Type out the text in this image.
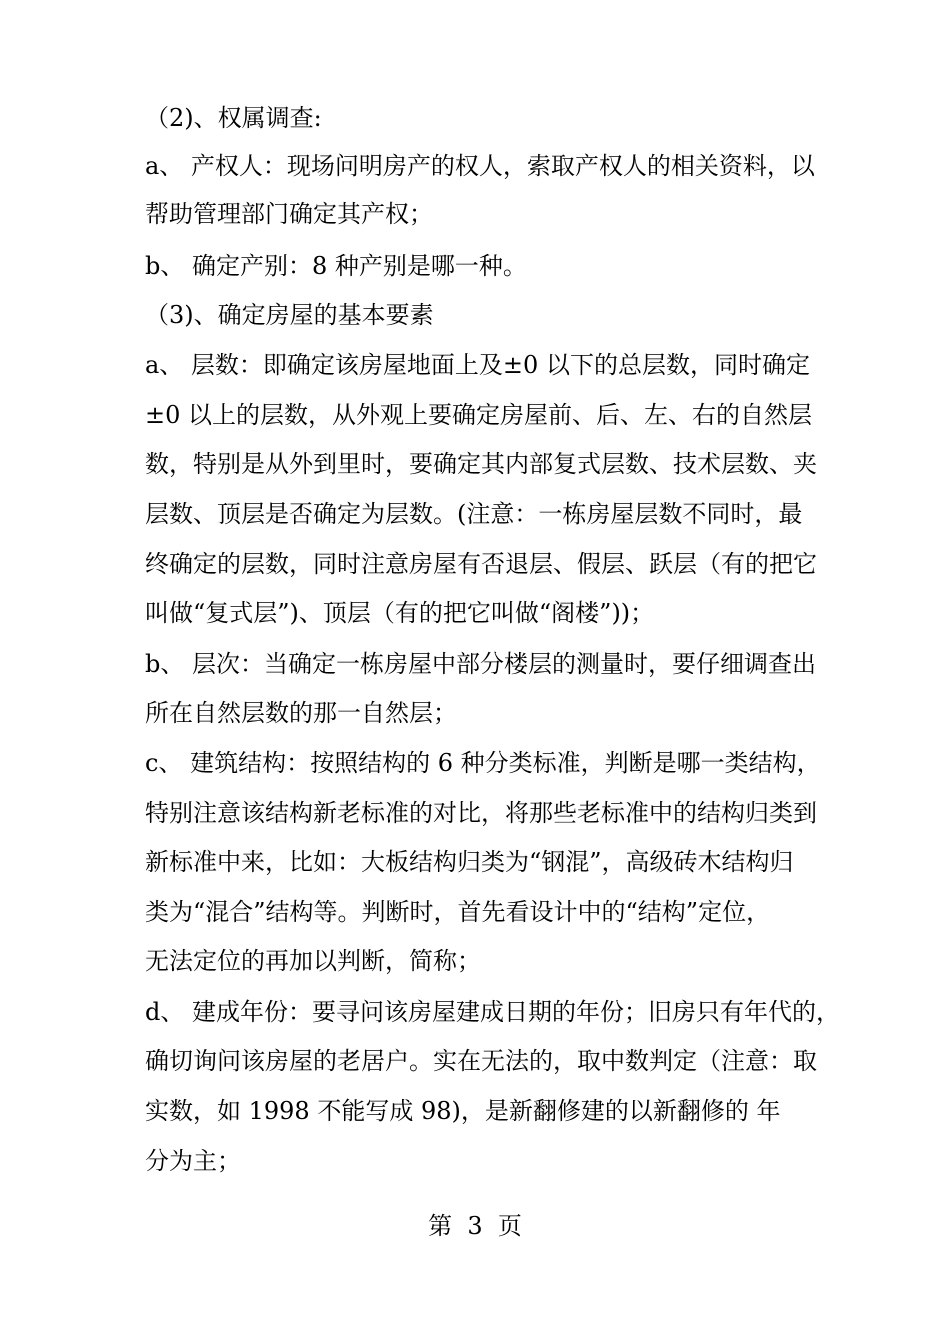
（2)、权属调查:
a、 产权人：现场问明房产的权人，索取产权人的相关资料，以
帮助管理部门确定其产权；
b、 确定产别：8 种产别是哪一种。
（3)、确定房屋的基本要素
a、 层数：即确定该房屋地面上及±0 以下的总层数，同时确定
±0 以上的层数，从外观上要确定房屋前、后、左、右的自然层
数，特别是从外到里时，要确定其内部复式层数、技术层数、夹
层数、顶层是否确定为层数。(注意：一栋房屋层数不同时，最
终确定的层数，同时注意房屋有否退层、假层、跃层（有的把它
叫做“复式层”)、顶层（有的把它叫做“阁楼”))；
b、 层次：当确定一栋房屋中部分楼层的测量时，要仔细调查出
所在自然层数的那一自然层；
c、 建筑结构：按照结构的 6 种分类标准，判断是哪一类结构，
特别注意该结构新老标准的对比，将那些老标准中的结构归类到
新标准中来，比如：大板结构归类为“钢混”，高级砖木结构归
类为“混合”结构等。判断时，首先看设计中的“结构”定位，
无法定位的再加以判断，简称；
d、 建成年份：要寻问该房屋建成日期的年份；旧房只有年代的，
确切询问该房屋的老居户。实在无法的，取中数判定（注意：取
实数，如 1998 不能写成 98)，是新翻修建的以新翻修的 年
分为主；
第  3  页
